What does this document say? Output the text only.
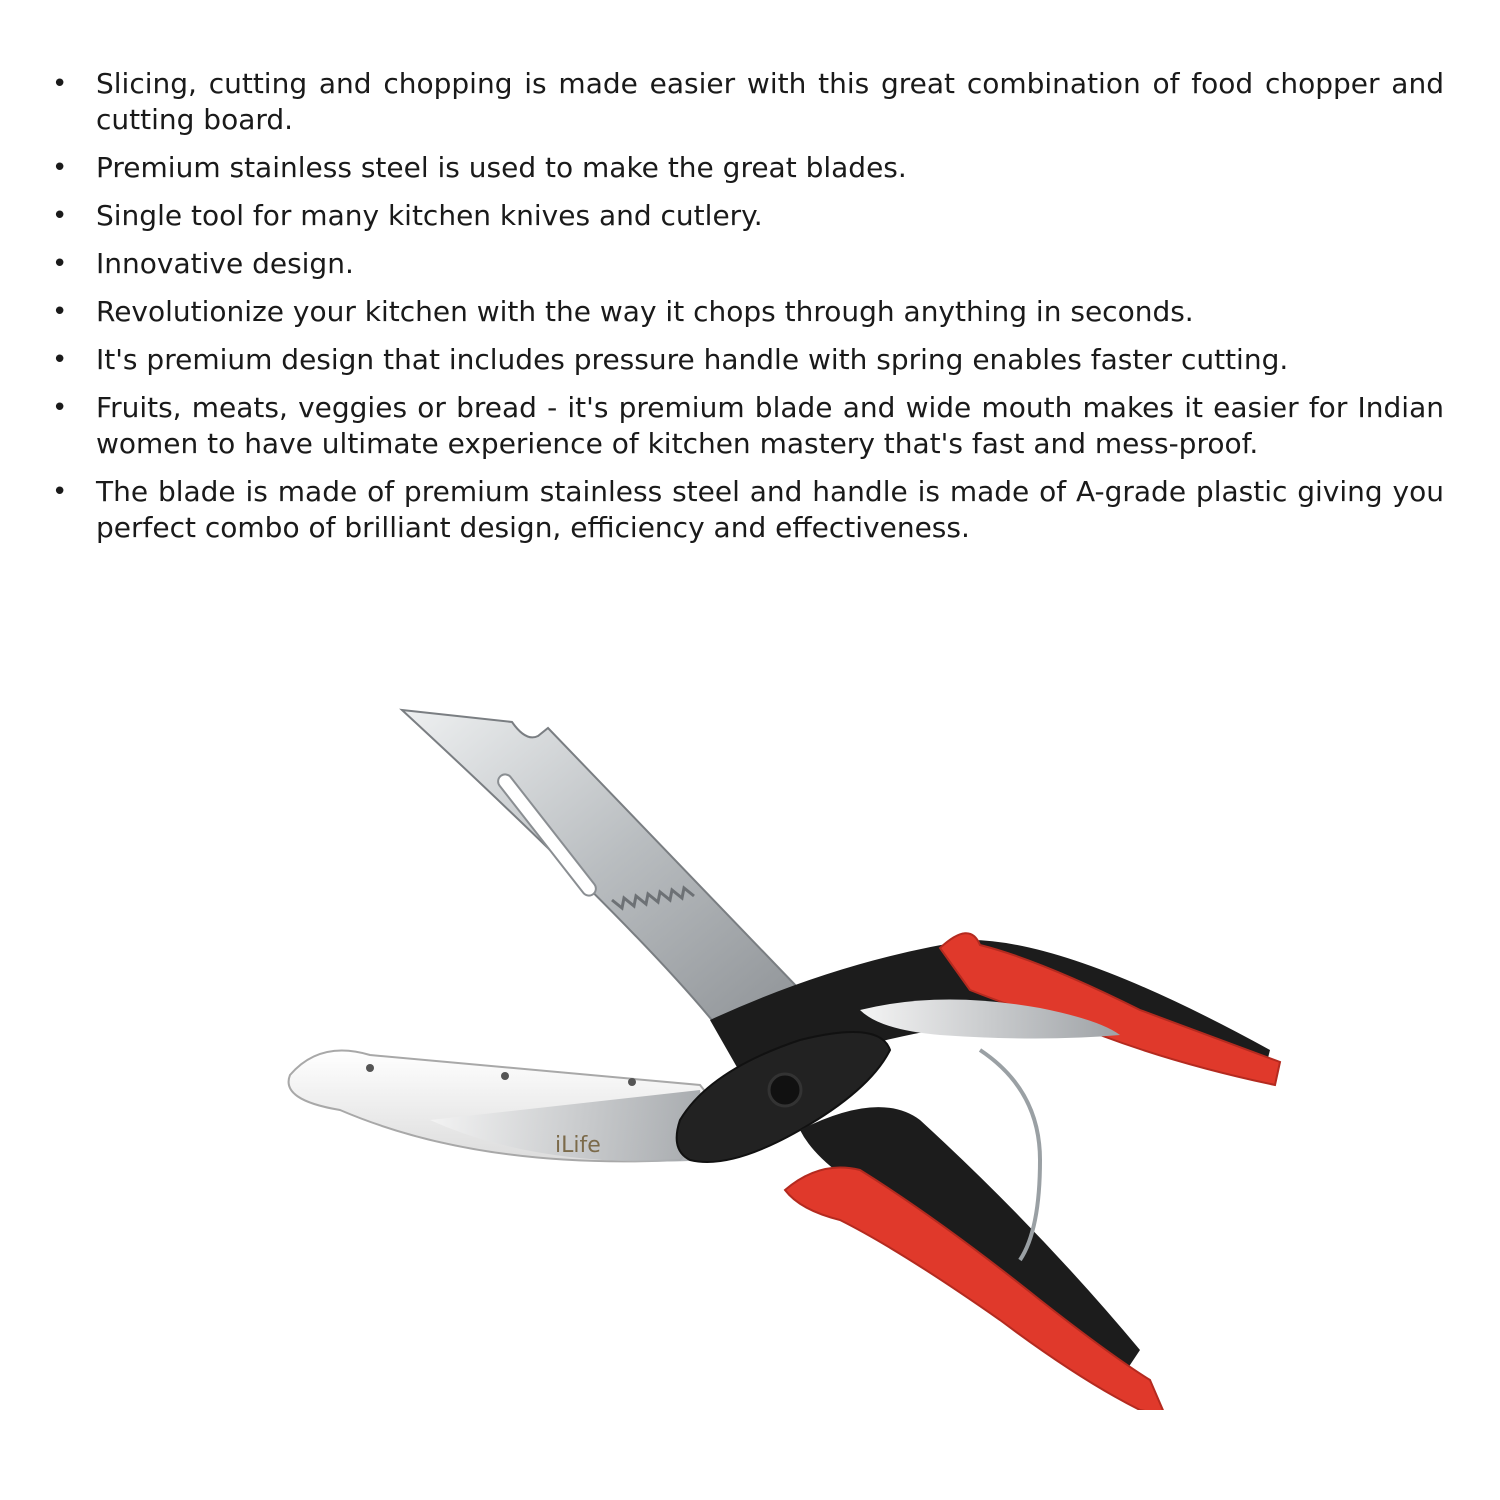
• Slicing, cutting and chopping is made easier with this great combination of food chopper and cutting board.
• Premium stainless steel is used to make the great blades.
• Single tool for many kitchen knives and cutlery.
• Innovative design.
• Revolutionize your kitchen with the way it chops through anything in seconds.
• It's premium design that includes pressure handle with spring enables faster cutting.
• Fruits, meats, veggies or bread - it's premium blade and wide mouth makes it easier for Indian women to have ultimate experience of kitchen mastery that's fast and mess-proof.
• The blade is made of premium stainless steel and handle is made of A-grade plastic giving you perfect combo of brilliant design, efficiency and effectiveness.
iLife
